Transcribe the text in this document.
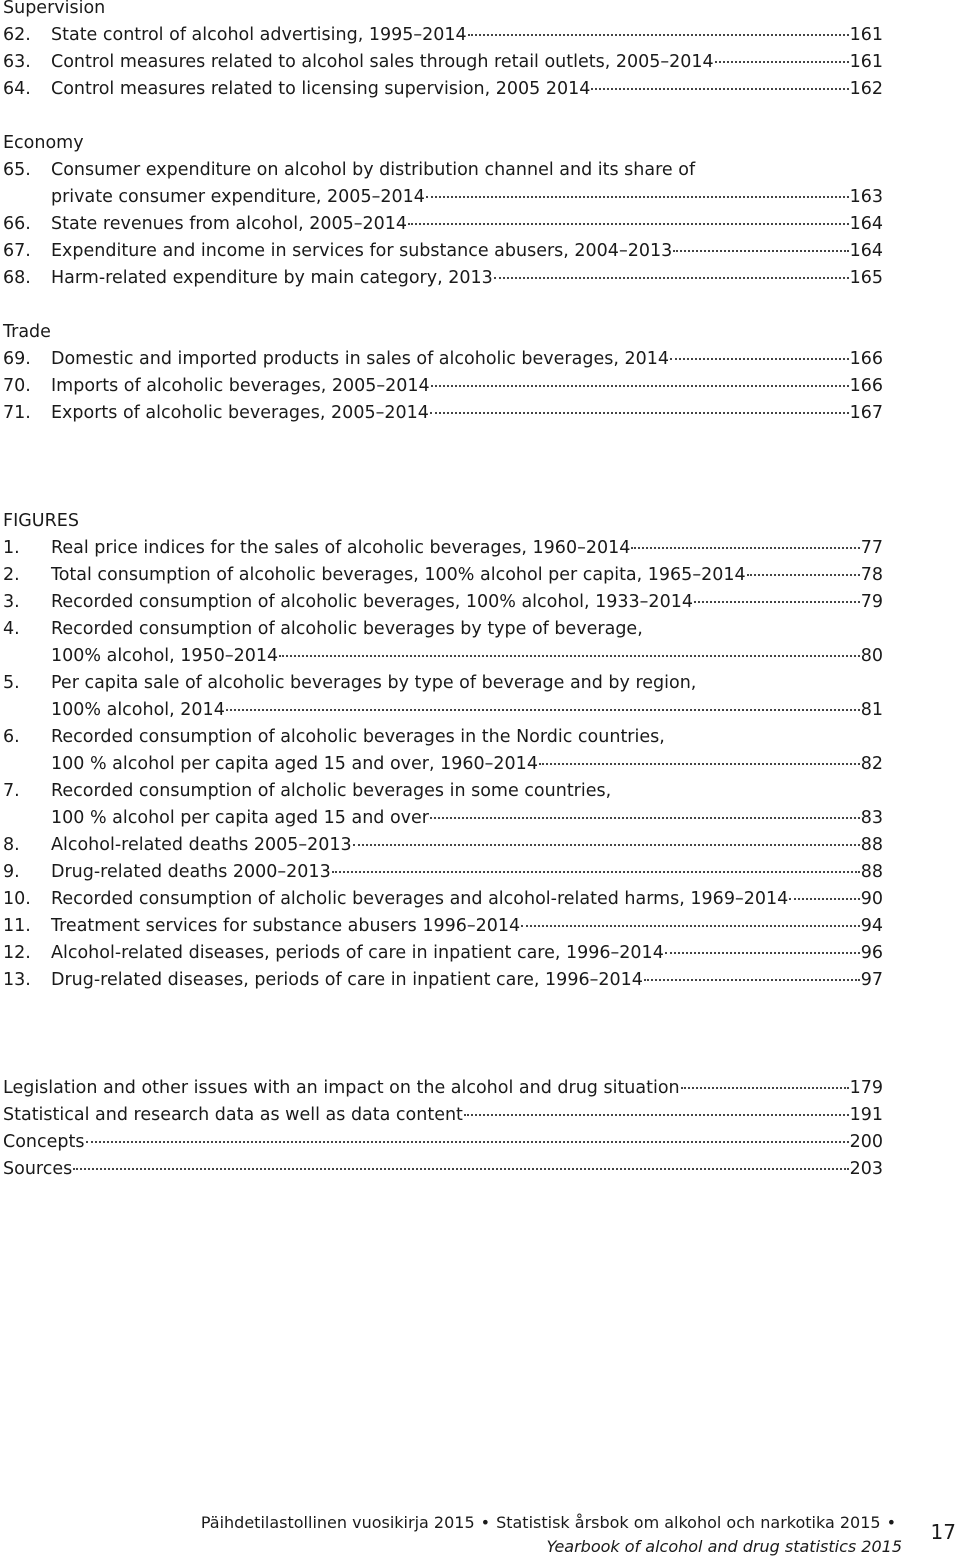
Supervision
62.	State control of alcohol advertising, 1995–2014	161
63.	Control measures related to alcohol sales through retail outlets, 2005–2014	161
64.	Control measures related to licensing supervision, 2005 2014	162
Economy
65.	Consumer expenditure on alcohol by distribution channel and its share of
private consumer expenditure, 2005–2014	163
66.	State revenues from alcohol, 2005–2014	164
67.	Expenditure and income in services for substance abusers, 2004–2013	164
68.	Harm-related expenditure by main category, 2013	165
Trade
69.	Domestic and imported products in sales of alcoholic beverages, 2014	166
70.	Imports of alcoholic beverages, 2005–2014	166
71.	Exports of alcoholic beverages, 2005–2014	167
FIGURES
1.	Real price indices for the sales of alcoholic beverages, 1960–2014	77
2.	Total consumption of alcoholic beverages, 100% alcohol per capita, 1965–2014	78
3.	Recorded consumption of alcoholic beverages, 100% alcohol, 1933–2014	79
4.	Recorded consumption of alcoholic beverages by type of beverage,
100% alcohol, 1950–2014	80
5.	Per capita sale of alcoholic beverages by type of beverage and by region,
100% alcohol, 2014	81
6.	Recorded consumption of alcoholic beverages in the Nordic countries,
100 % alcohol per capita aged 15 and over, 1960–2014	82
7.	Recorded consumption of alcholic beverages in some countries,
100 % alcohol per capita aged 15 and over	83
8.	Alcohol-related deaths 2005–2013	88
9.	Drug-related deaths 2000–2013	88
10.	Recorded consumption of alcholic beverages and alcohol-related harms, 1969–2014	90
11.	Treatment services for substance abusers 1996–2014	94
12.	Alcohol-related diseases, periods of care in inpatient care, 1996–2014	96
13.	Drug-related diseases, periods of care in inpatient care, 1996–2014	97
Legislation and other issues with an impact on the alcohol and drug situation	179
Statistical and research data as well as data content	191
Concepts	200
Sources	203
Päihdetilastollinen vuosikirja 2015 • Statistisk årsbok om alkohol och narkotika 2015 •
Yearbook of alcohol and drug statistics 2015
17
